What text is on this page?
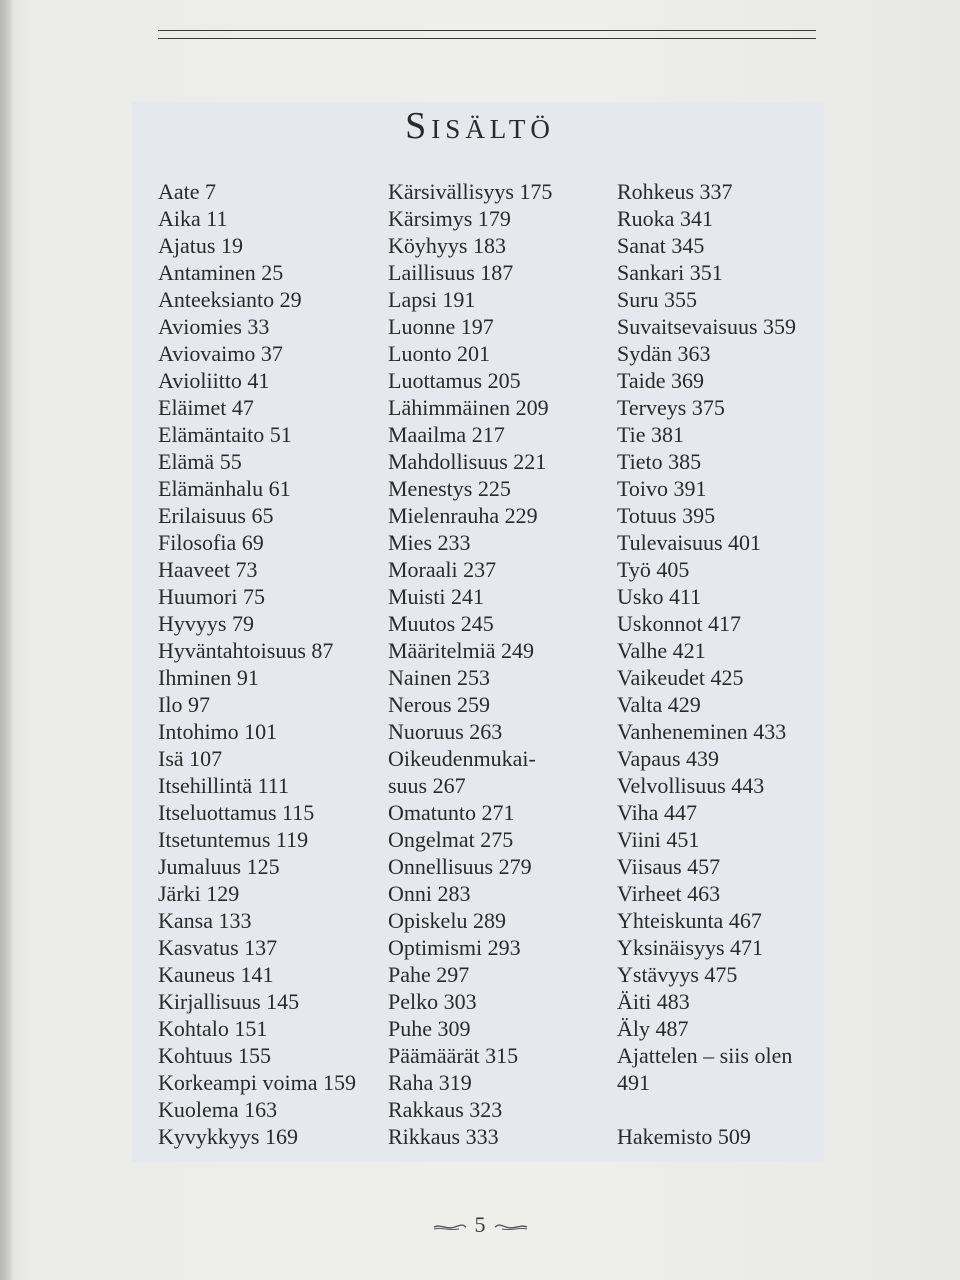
Sisältö
Aate 7
Aika 11
Ajatus 19
Antaminen 25
Anteeksianto 29
Aviomies 33
Aviovaimo 37
Avioliitto 41
Eläimet 47
Elämäntaito 51
Elämä 55
Elämänhalu 61
Erilaisuus 65
Filosofia 69
Haaveet 73
Huumori 75
Hyvyys 79
Hyväntahtoisuus 87
Ihminen 91
Ilo 97
Intohimo 101
Isä 107
Itsehillintä 111
Itseluottamus 115
Itsetuntemus 119
Jumaluus 125
Järki 129
Kansa 133
Kasvatus 137
Kauneus 141
Kirjallisuus 145
Kohtalo 151
Kohtuus 155
Korkeampi voima 159
Kuolema 163
Kyvykkyys 169
Kärsivällisyys 175
Kärsimys 179
Köyhyys 183
Laillisuus 187
Lapsi 191
Luonne 197
Luonto 201
Luottamus 205
Lähimmäinen 209
Maailma 217
Mahdollisuus 221
Menestys 225
Mielenrauha 229
Mies 233
Moraali 237
Muisti 241
Muutos 245
Määritelmiä 249
Nainen 253
Nerous 259
Nuoruus 263
Oikeudenmukai-
suus 267
Omatunto 271
Ongelmat 275
Onnellisuus 279
Onni 283
Opiskelu 289
Optimismi 293
Pahe 297
Pelko 303
Puhe 309
Päämäärät 315
Raha 319
Rakkaus 323
Rikkaus 333
Rohkeus 337
Ruoka 341
Sanat 345
Sankari 351
Suru 355
Suvaitsevaisuus 359
Sydän 363
Taide 369
Terveys 375
Tie 381
Tieto 385
Toivo 391
Totuus 395
Tulevaisuus 401
Työ 405
Usko 411
Uskonnot 417
Valhe 421
Vaikeudet 425
Valta 429
Vanheneminen 433
Vapaus 439
Velvollisuus 443
Viha 447
Viini 451
Viisaus 457
Virheet 463
Yhteiskunta 467
Yksinäisyys 471
Ystävyys 475
Äiti 483
Äly 487
Ajattelen – siis olen
491
Hakemisto 509
5
